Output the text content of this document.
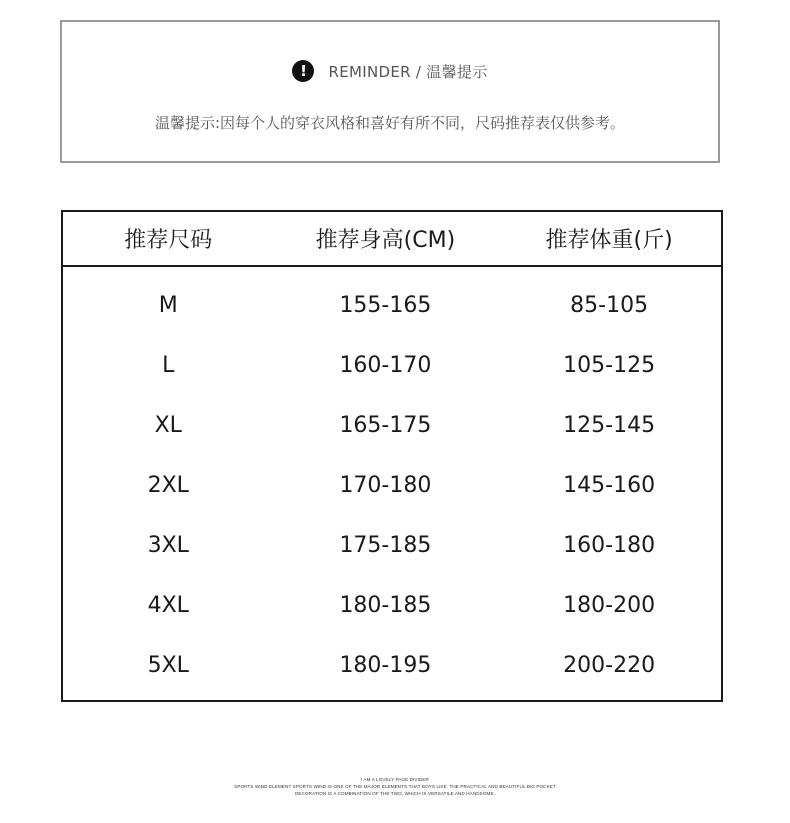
!	REMINDER / 温馨提示
温馨提示:因每个人的穿衣风格和喜好有所不同，尺码推荐表仅供参考。
推荐尺码	推荐身高(CM)	推荐体重(斤)
M	155-165	85-105
L	160-170	105-125
XL	165-175	125-145
2XL	170-180	145-160
3XL	175-185	160-180
4XL	180-185	180-200
5XL	180-195	200-220
I AM A LOVELY PAGE DIVIDER
SPORTS WIND ELEMENT SPORTS WIND IS ONE OF THE MAJOR ELEMENTS THAT BOYS LIKE. THE PRACTICAL AND BEAUTIFUL BIG POCKET
DECORATION IS A COMBINATION OF THE TWO, WHICH IS VERSATILE AND HANDSOME.
